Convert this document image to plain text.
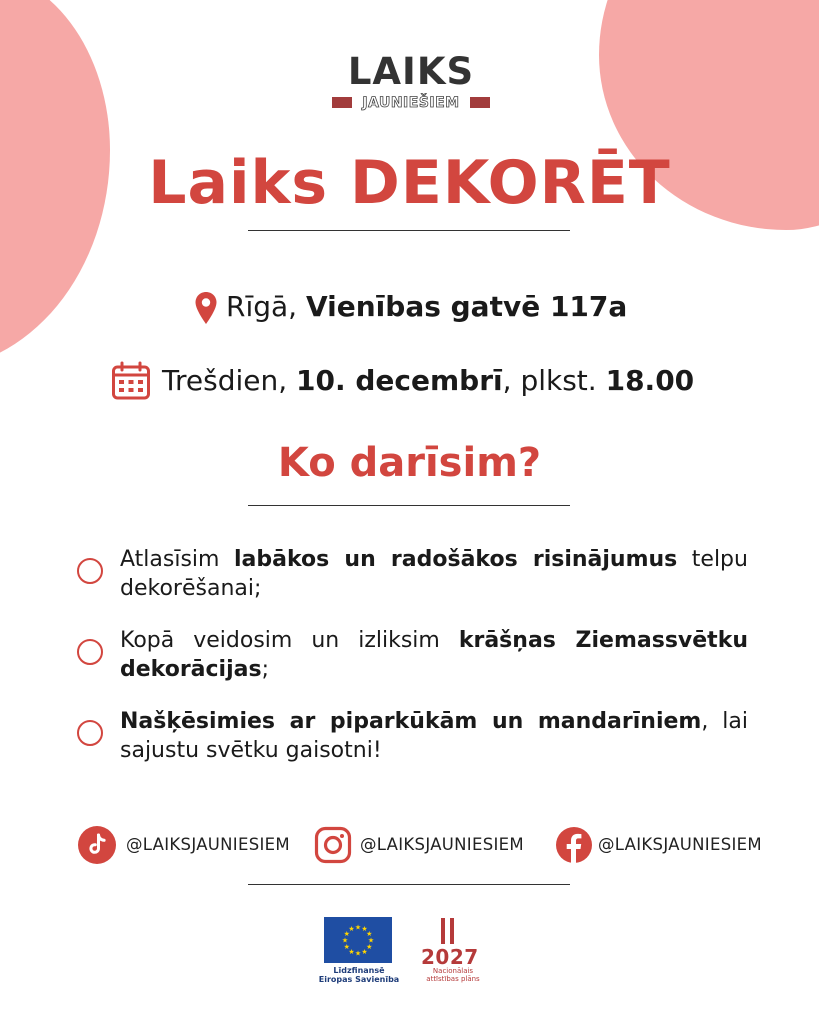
LAIKS
JAUNIEŠIEM
Laiks DEKORĒT
Rīgā, Vienības gatvē 117a
Trešdien, 10. decembrī, plkst. 18.00
Ko darīsim?
Atlasīsim labākos un radošākos risinājumus telpu dekorēšanai;
Kopā veidosim un izliksim krāšņas Ziemassvētku dekorācijas;
Našķēsimies ar piparkūkām un mandarīniem, lai sajustu svētku gaisotni!
@LAIKSJAUNIESIEM	@LAIKSJAUNIESIEM	@LAIKSJAUNIESIEM
★ ★
★
★
★
★
★
★
★
★
★
★
Līdzfinansē
Eiropas Savienība
2027
Nacionālais
attīstības plāns
